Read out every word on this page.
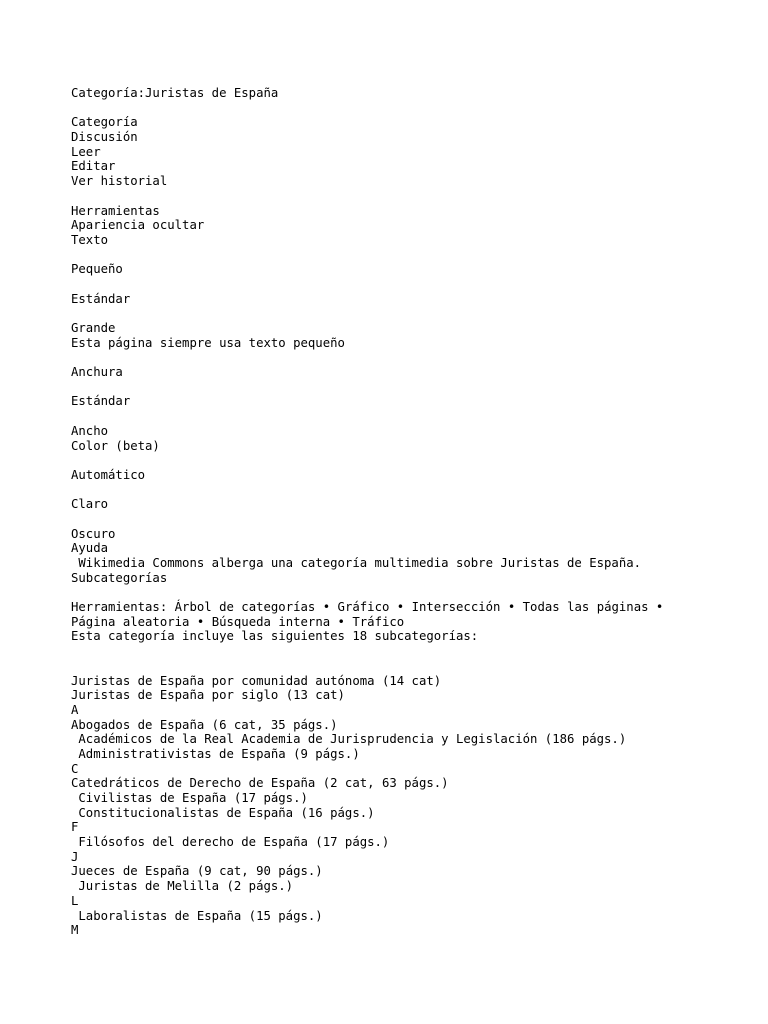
Categoría:Juristas de España
Categoría
Discusión
Leer
Editar
Ver historial
Herramientas
Apariencia ocultar
Texto
Pequeño
Estándar
Grande
Esta página siempre usa texto pequeño
Anchura
Estándar
Ancho
Color (beta)
Automático
Claro
Oscuro
Ayuda
Wikimedia Commons alberga una categoría multimedia sobre Juristas de España.
Subcategorías
Herramientas: Árbol de categorías • Gráfico • Intersección • Todas las páginas •
Página aleatoria • Búsqueda interna • Tráfico
Esta categoría incluye las siguientes 18 subcategorías:
Juristas de España por comunidad autónoma (14 cat)
Juristas de España por siglo (13 cat)
A
Abogados de España (6 cat, 35 págs.)
Académicos de la Real Academia de Jurisprudencia y Legislación (186 págs.)
Administrativistas de España (9 págs.)
C
Catedráticos de Derecho de España (2 cat, 63 págs.)
Civilistas de España (17 págs.)
Constitucionalistas de España (16 págs.)
F
Filósofos del derecho de España (17 págs.)
J
Jueces de España (9 cat, 90 págs.)
Juristas de Melilla (2 págs.)
L
Laboralistas de España (15 págs.)
M
